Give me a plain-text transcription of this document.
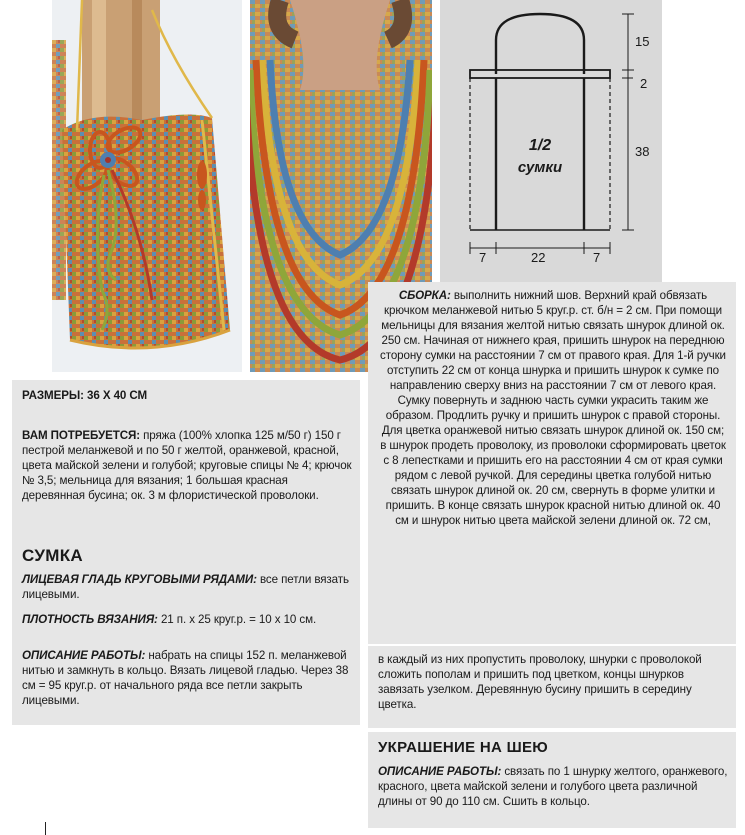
1/2
сумки
15
2
38
7	22	7
РАЗМЕРЫ: 36 Х 40 СМ
ВАМ ПОТРЕБУЕТСЯ: пряжа (100% хлопка 125 м/50 г) 150 г пестрой меланжевой и по 50 г желтой, оранжевой, красной, цвета майской зелени и голубой; круговые спицы № 4; крючок № 3,5; мельница для вязания; 1 большая красная деревянная бусина; ок. 3 м флористической проволоки.
СУМКА
ЛИЦЕВАЯ ГЛАДЬ КРУГОВЫМИ РЯДАМИ: все петли вязать лицевыми.
ПЛОТНОСТЬ ВЯЗАНИЯ: 21 п. х 25 круг.р. = 10 х 10 см.
ОПИСАНИЕ РАБОТЫ: набрать на спицы 152 п. меланжевой нитью и замкнуть в кольцо. Вязать лицевой гладью. Через 38 см = 95 круг.р. от начального ряда все петли закрыть лицевыми.
СБОРКА: выполнить нижний шов. Верхний край обвязать крючком меланжевой нитью 5 круг.р. ст. б/н = 2 см. При помощи мельницы для вязания желтой нитью связать шнурок длиной ок. 250 см. Начиная от нижнего края, пришить шнурок на переднюю сторону сумки на расстоянии 7 см от правого края. Для 1-й ручки отступить 22 см от конца шнурка и пришить шнурок к сумке по направлению сверху вниз на расстоянии 7 см от левого края. Сумку повернуть и заднюю часть сумки украсить таким же образом. Продлить ручку и пришить шнурок с правой стороны. Для цветка оранжевой нитью связать шнурок длиной ок. 150 см; в шнурок продеть проволоку, из проволоки сформировать цветок с 8 лепестками и пришить его на расстоянии 4 см от края сумки рядом с левой ручкой. Для середины цветка голубой нитью связать шнурок длиной ок. 20 см, свернуть в форме улитки и пришить. В конце связать шнурок красной нитью длиной ок. 40 см и шнурок нитью цвета майской зелени длиной ок. 72 см,
в каждый из них пропустить проволоку, шнурки с проволокой сложить пополам и пришить под цветком, концы шнурков завязать узелком. Деревянную бусину пришить в середину цветка.
УКРАШЕНИЕ НА ШЕЮ
ОПИСАНИЕ РАБОТЫ: связать по 1 шнурку желтого, оранжевого, красного, цвета майской зелени и голубого цвета различной длины от 90 до 110 см. Сшить в кольцо.
